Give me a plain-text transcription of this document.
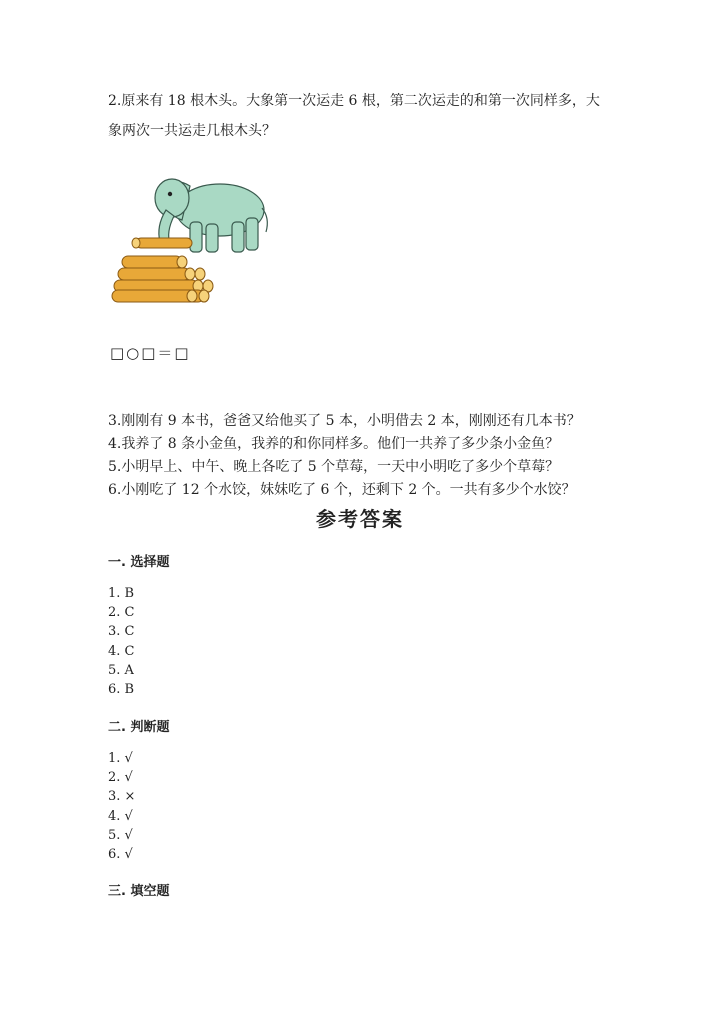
2.原来有 18 根木头。大象第一次运走 6 根，第二次运走的和第一次同样多，大

象两次一共运走几根木头？

□○□＝□
3.刚刚有 9 本书，爸爸又给他买了 5 本，小明借去 2 本，刚刚还有几本书？
4.我养了 8 条小金鱼，我养的和你同样多。他们一共养了多少条小金鱼？
5.小明早上、中午、晚上各吃了 5 个草莓，一天中小明吃了多少个草莓？
6.小刚吃了 12 个水饺，妹妹吃了 6 个，还剩下 2 个。一共有多少个水饺？
参考答案
一. 选择题
1. B
2. C
3. C
4. C
5. A
6. B
二. 判断题
1. √
2. √
3. ×
4. √
5. √
6. √
三. 填空题
